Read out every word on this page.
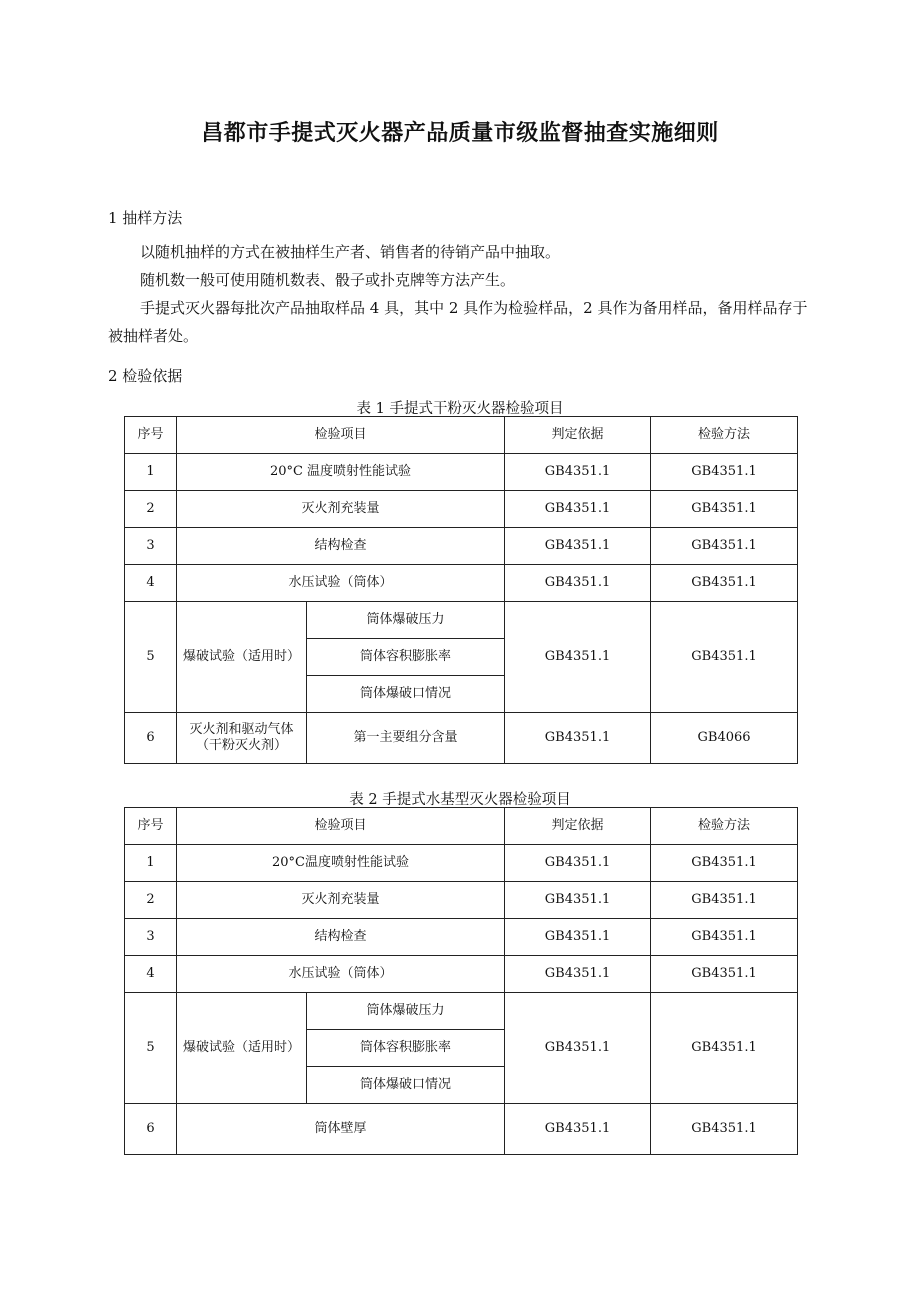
昌都市手提式灭火器产品质量市级监督抽查实施细则
1 抽样方法

以随机抽样的方式在被抽样生产者、销售者的待销产品中抽取。

随机数一般可使用随机数表、骰子或扑克牌等方法产生。

手提式灭火器每批次产品抽取样品 4 具，其中 2 具作为检验样品，2 具作为备用样品，备用样品存于被抽样者处。

2 检验依据
表 1 手提式干粉灭火器检验项目
序号	检验项目		判定依据	检验方法
1	20°C 温度喷射性能试验		GB4351.1	GB4351.1
2	灭火剂充装量		GB4351.1	GB4351.1
3	结构检查		GB4351.1	GB4351.1
4	水压试验（筒体）		GB4351.1	GB4351.1
5	爆破试验（适用时）	筒体爆破压力	GB4351.1	GB4351.1
		筒体容积膨胀率		
		筒体爆破口情况		
6	灭火剂和驱动气体
（干粉灭火剂）	第一主要组分含量	GB4351.1	GB4066
表 2 手提式水基型灭火器检验项目
序号	检验项目		判定依据	检验方法
1	20°C温度喷射性能试验		GB4351.1	GB4351.1
2	灭火剂充装量		GB4351.1	GB4351.1
3	结构检查		GB4351.1	GB4351.1
4	水压试验（筒体）		GB4351.1	GB4351.1
5	爆破试验（适用时）	筒体爆破压力	GB4351.1	GB4351.1
		筒体容积膨胀率		
		筒体爆破口情况		
6	筒体壁厚		GB4351.1	GB4351.1
